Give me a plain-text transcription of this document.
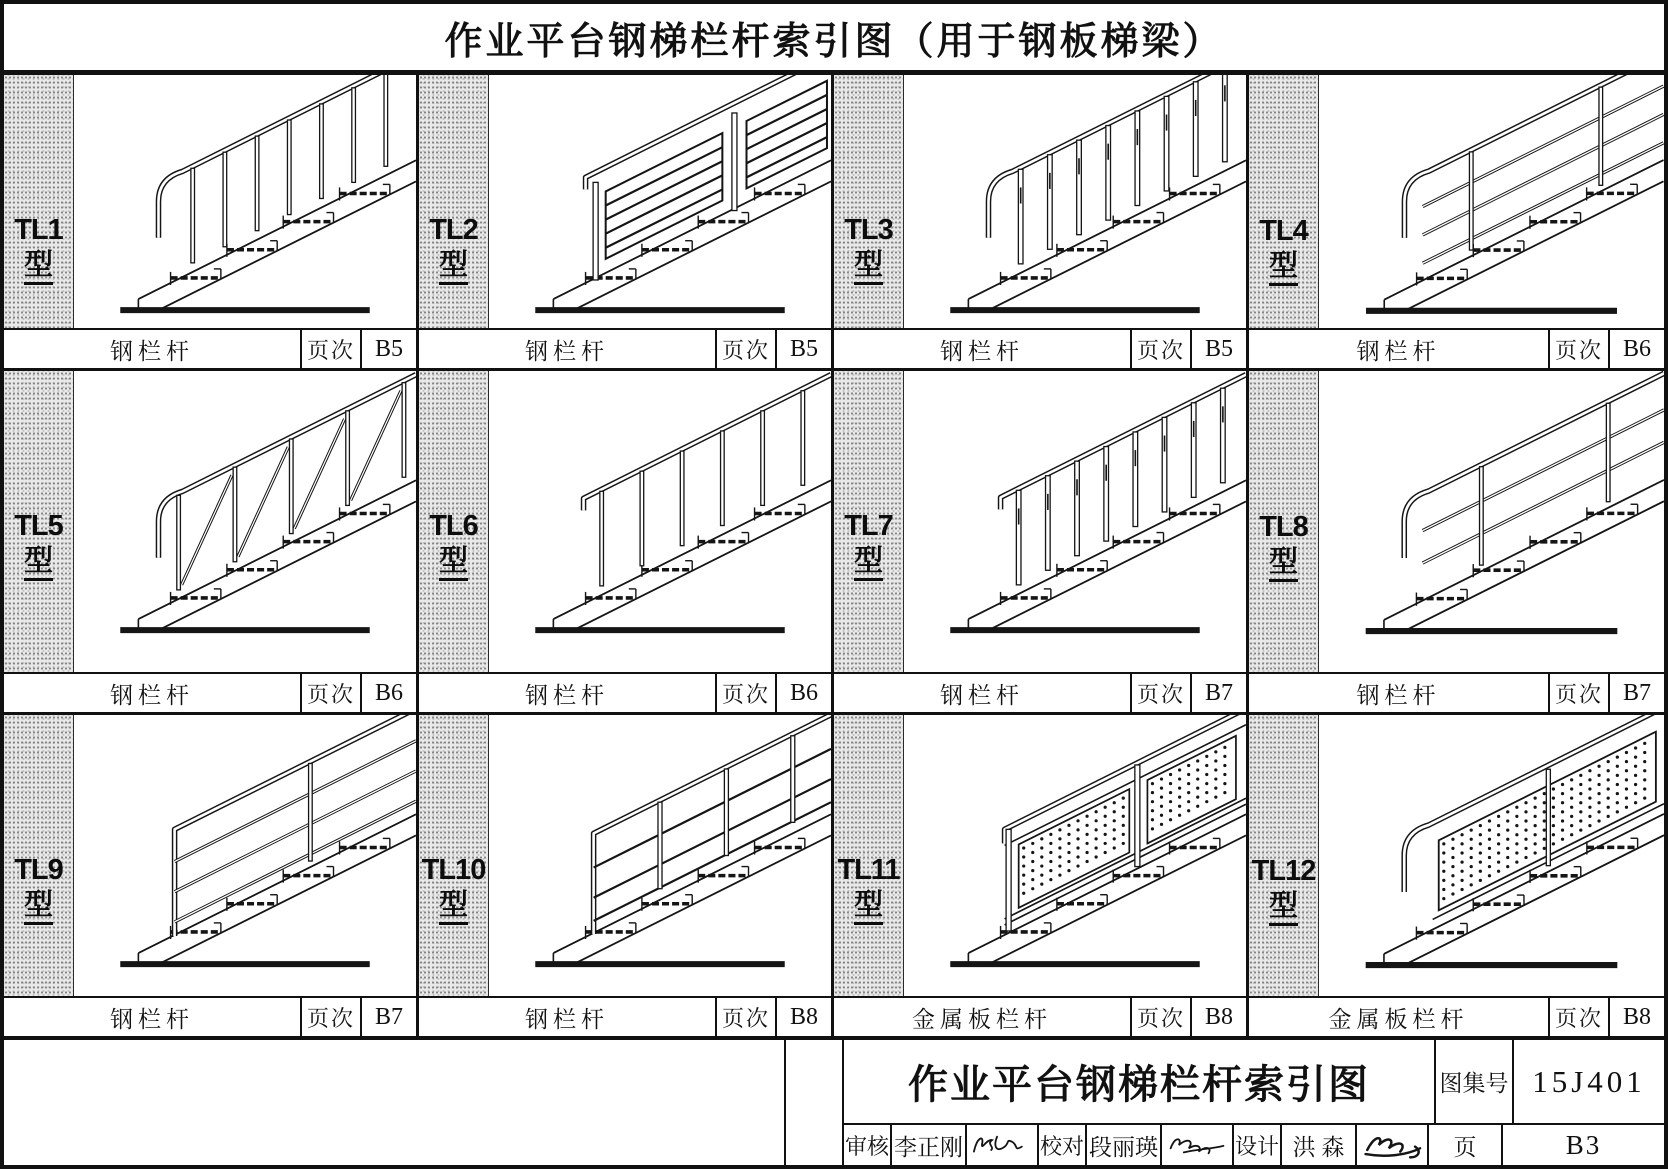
作业平台钢梯栏杆索引图（用于钢板梯梁）
TL1
型
钢栏杆	页次 B5
TL2
型
钢栏杆	页次 B5
TL3
型
钢栏杆	页次 B5
TL4
型
钢栏杆	页次 B6
TL5
型
钢栏杆	页次 B6
TL6
型
钢栏杆	页次 B6
TL7
型
钢栏杆	页次 B7
TL8
型
钢栏杆	页次 B7
TL9
型
钢栏杆	页次 B7
TL10
型
钢栏杆	页次 B8
TL11
型
金属板栏杆	页次 B8
TL12
型
金属板栏杆	页次 B8
作业平台钢梯栏杆索引图	图集号 15J401
审核 李正刚	校对 段丽瑛	设计 洪 森	页	B3
